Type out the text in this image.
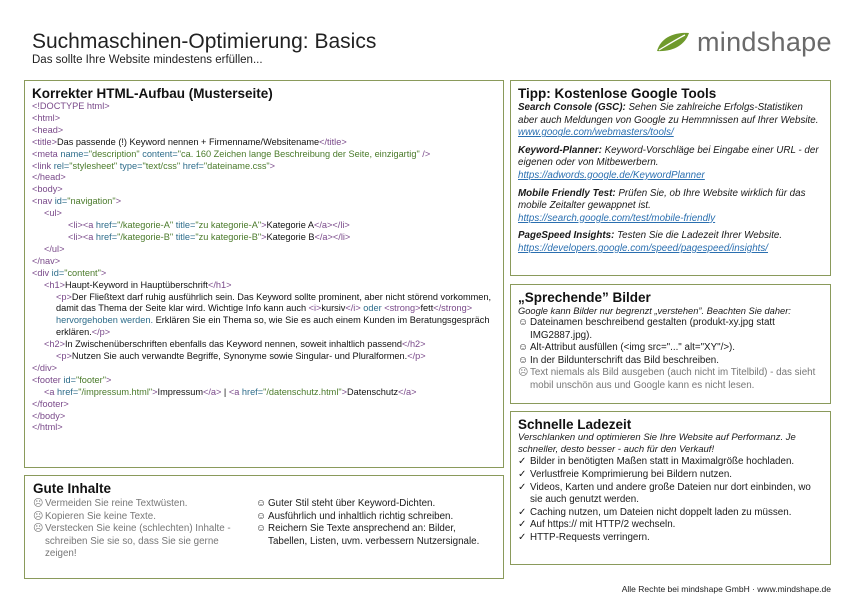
Suchmaschinen-Optimierung: Basics
Das sollte Ihre Website mindestens erfüllen...
mindshape
Korrekter HTML-Aufbau (Musterseite)
<!DOCTYPE html>
<html>
<head>
<title>Das passende (!) Keyword nennen + Firmenname/Websitename</title>
<meta name="description" content="ca. 160 Zeichen lange Beschreibung der Seite, einzigartig" />
<link rel="stylesheet" type="text/css" href="dateiname.css">
</head>
<body>
<nav id="navigation">
<ul>
<li><a href="/kategorie-A" title="zu kategorie-A">Kategorie A</a></li>
<li><a href="/kategorie-B" title="zu kategorie-B">Kategorie B</a></li>
</ul>
</nav>
<div id="content">
<h1>Haupt-Keyword in Hauptüberschrift</h1>
<p>Der Fließtext darf ruhig ausführlich sein. Das Keyword sollte prominent, aber nicht störend vorkommen, damit das Thema der Seite klar wird. Wichtige Info kann auch <i>kursiv</i> oder <strong>fett</strong> hervorgehoben werden. Erklären Sie ein Thema so, wie Sie es auch einem Kunden im Beratungsgespräch erklären.</p>
<h2>In Zwischenüberschriften ebenfalls das Keyword nennen, soweit inhaltlich passend</h2>
<p>Nutzen Sie auch verwandte Begriffe, Synonyme sowie Singular- und Pluralformen.</p>
</div>
<footer id="footer">
<a href="/impressum.html">Impressum</a> | <a href="/datenschutz.html">Datenschutz</a>
</footer>
</body>
</html>
Gute Inhalte
☹ Vermeiden Sie reine Textwüsten.
☹ Kopieren Sie keine Texte.
☹ Verstecken Sie keine (schlechten) Inhalte - schreiben Sie sie so, dass Sie sie gerne zeigen!
☺ Guter Stil steht über Keyword-Dichten.
☺ Ausführlich und inhaltlich richtig schreiben.
☺ Reichern Sie Texte ansprechend an: Bilder, Tabellen, Listen, uvm. verbessern Nutzersignale.
Tipp: Kostenlose Google Tools

Search Console (GSC): Sehen Sie zahlreiche Erfolgs-Statistiken aber auch Meldungen von Google zu Hemmnissen auf Ihrer Website.

www.google.com/webmasters/tools/

Keyword-Planner: Keyword-Vorschläge bei Eingabe einer URL - der eigenen oder von Mitbewerbern.

https://adwords.google.de/KeywordPlanner

Mobile Friendly Test: Prüfen Sie, ob Ihre Website wirklich für das mobile Zeitalter gewappnet ist.

https://search.google.com/test/mobile-friendly

PageSpeed Insights: Testen Sie die Ladezeit Ihrer Website.

https://developers.google.com/speed/pagespeed/insights/

„Sprechende” Bilder
Google kann Bilder nur begrenzt „verstehen”. Beachten Sie daher:
☺ Dateinamen beschreibend gestalten (produkt-xy.jpg statt IMG2887.jpg).
☺ Alt-Attribut ausfüllen (<img src="..." alt="XY"/>).
☺ In der Bildunterschrift das Bild beschreiben.
☹ Text niemals als Bild ausgeben (auch nicht im Titelbild) - das sieht mobil unschön aus und Google kann es nicht lesen.
Schnelle Ladezeit
Verschlanken und optimieren Sie Ihre Website auf Performanz. Je schneller, desto besser - auch für den Verkauf!
✓ Bilder in benötigten Maßen statt in Maximalgröße hochladen.
✓ Verlustfreie Komprimierung bei Bildern nutzen.
✓ Videos, Karten und andere große Dateien nur dort einbinden, wo sie auch genutzt werden.
✓ Caching nutzen, um Dateien nicht doppelt laden zu müssen.
✓ Auf https:// mit HTTP/2 wechseln.
✓ HTTP-Requests verringern.
Alle Rechte bei mindshape GmbH · www.mindshape.de
